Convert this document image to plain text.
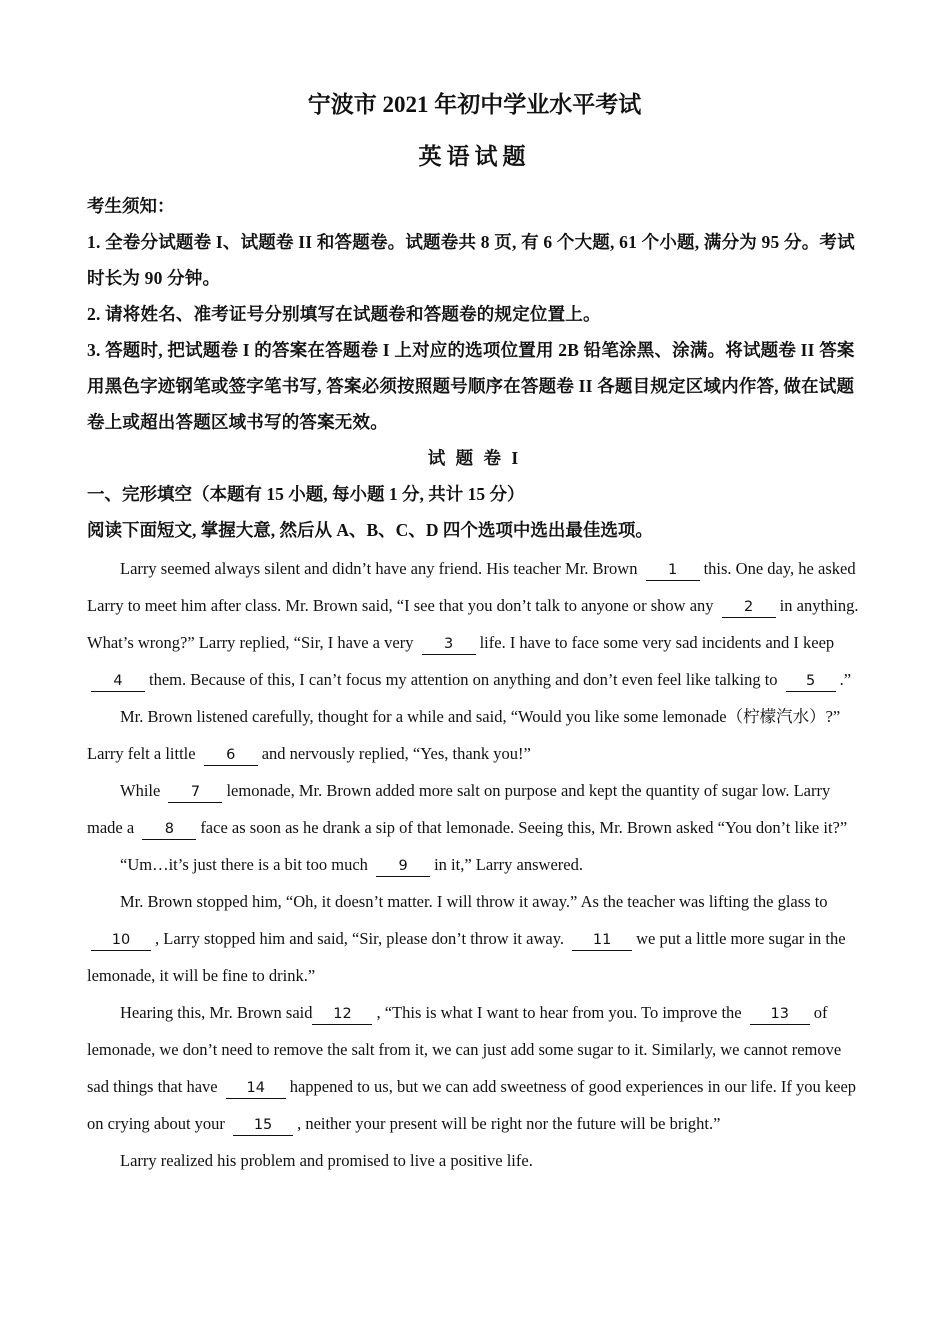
宁波市 2021 年初中学业水平考试
英语试题

考生须知：

1. 全卷分试题卷 I、试题卷 II 和答题卷。试题卷共 8 页, 有 6 个大题, 61 个小题, 满分为 95 分。考试时长为 90 分钟。

2. 请将姓名、准考证号分别填写在试题卷和答题卷的规定位置上。

3. 答题时, 把试题卷 I 的答案在答题卷 I 上对应的选项位置用 2B 铅笔涂黑、涂满。将试题卷 II 答案用黑色字迹钢笔或签字笔书写, 答案必须按照题号顺序在答题卷 II 各题目规定区域内作答, 做在试题卷上或超出答题区域书写的答案无效。

试 题 卷 I

一、完形填空（本题有 15 小题, 每小题 1 分, 共计 15 分）

阅读下面短文, 掌握大意, 然后从 A、B、C、D 四个选项中选出最佳选项。

Larry seemed always silent and didn’t have any friend. His teacher Mr. Brown 1 this. One day, he asked Larry to meet him after class. Mr. Brown said, “I see that you don’t talk to anyone or show any 2 in anything. What’s wrong?” Larry replied, “Sir, I have a very 3 life. I have to face some very sad incidents and I keep 4 them. Because of this, I can’t focus my attention on anything and don’t even feel like talking to 5 .”

Mr. Brown listened carefully, thought for a while and said, “Would you like some lemonade（柠檬汽水）?” Larry felt a little 6 and nervously replied, “Yes, thank you!”

While 7 lemonade, Mr. Brown added more salt on purpose and kept the quantity of sugar low. Larry made a 8 face as soon as he drank a sip of that lemonade. Seeing this, Mr. Brown asked “You don’t like it?”

“Um…it’s just there is a bit too much 9 in it,” Larry answered.

Mr. Brown stopped him, “Oh, it doesn’t matter. I will throw it away.” As the teacher was lifting the glass to 10 , Larry stopped him and said, “Sir, please don’t throw it away. 11 we put a little more sugar in the lemonade, it will be fine to drink.”

Hearing this, Mr. Brown said 12 , “This is what I want to hear from you. To improve the 13 of lemonade, we don’t need to remove the salt from it, we can just add some sugar to it. Similarly, we cannot remove sad things that have 14 happened to us, but we can add sweetness of good experiences in our life. If you keep on crying about your 15 , neither your present will be right nor the future will be bright.”

Larry realized his problem and promised to live a positive life.
